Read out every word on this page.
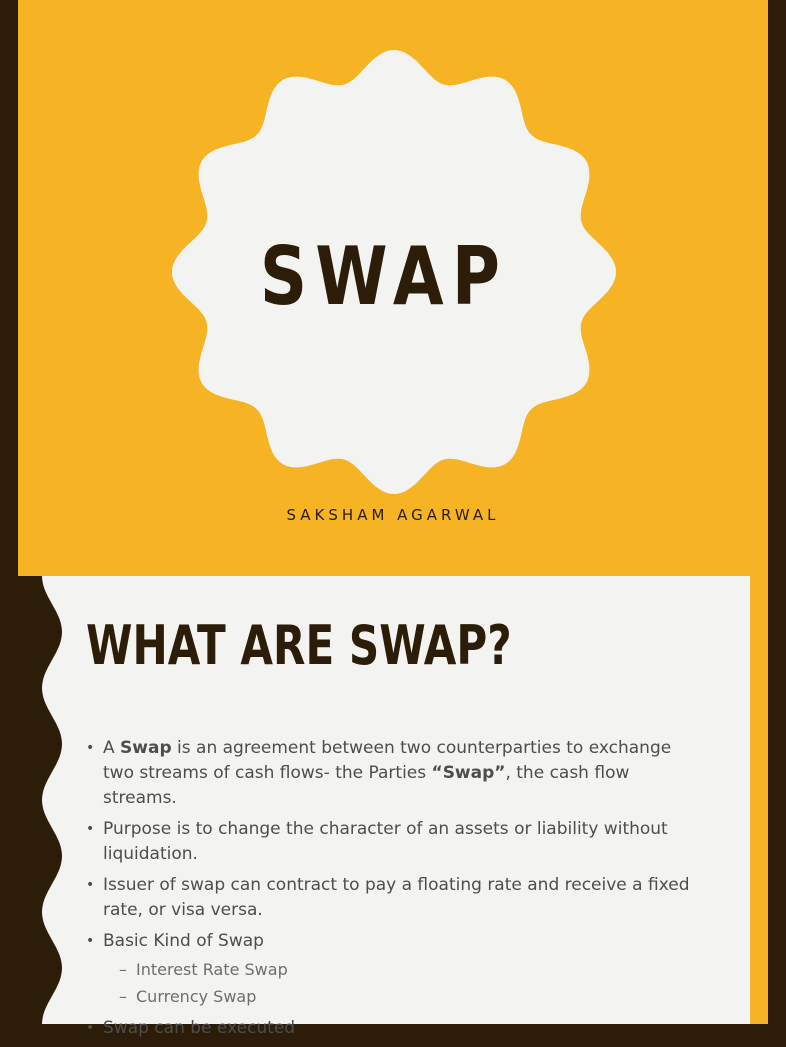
SWAP
SAKSHAM AGARWAL
WHAT ARE SWAP?
• A Swap is an agreement between two counterparties to exchange two streams of cash flows- the Parties “Swap”, the cash flow streams.
• Purpose is to change the character of an assets or liability without liquidation.
• Issuer of swap can contract to pay a floating rate and receive a fixed rate, or visa versa.
• Basic Kind of Swap
– Interest Rate Swap
– Currency Swap
• Swap can be executed
